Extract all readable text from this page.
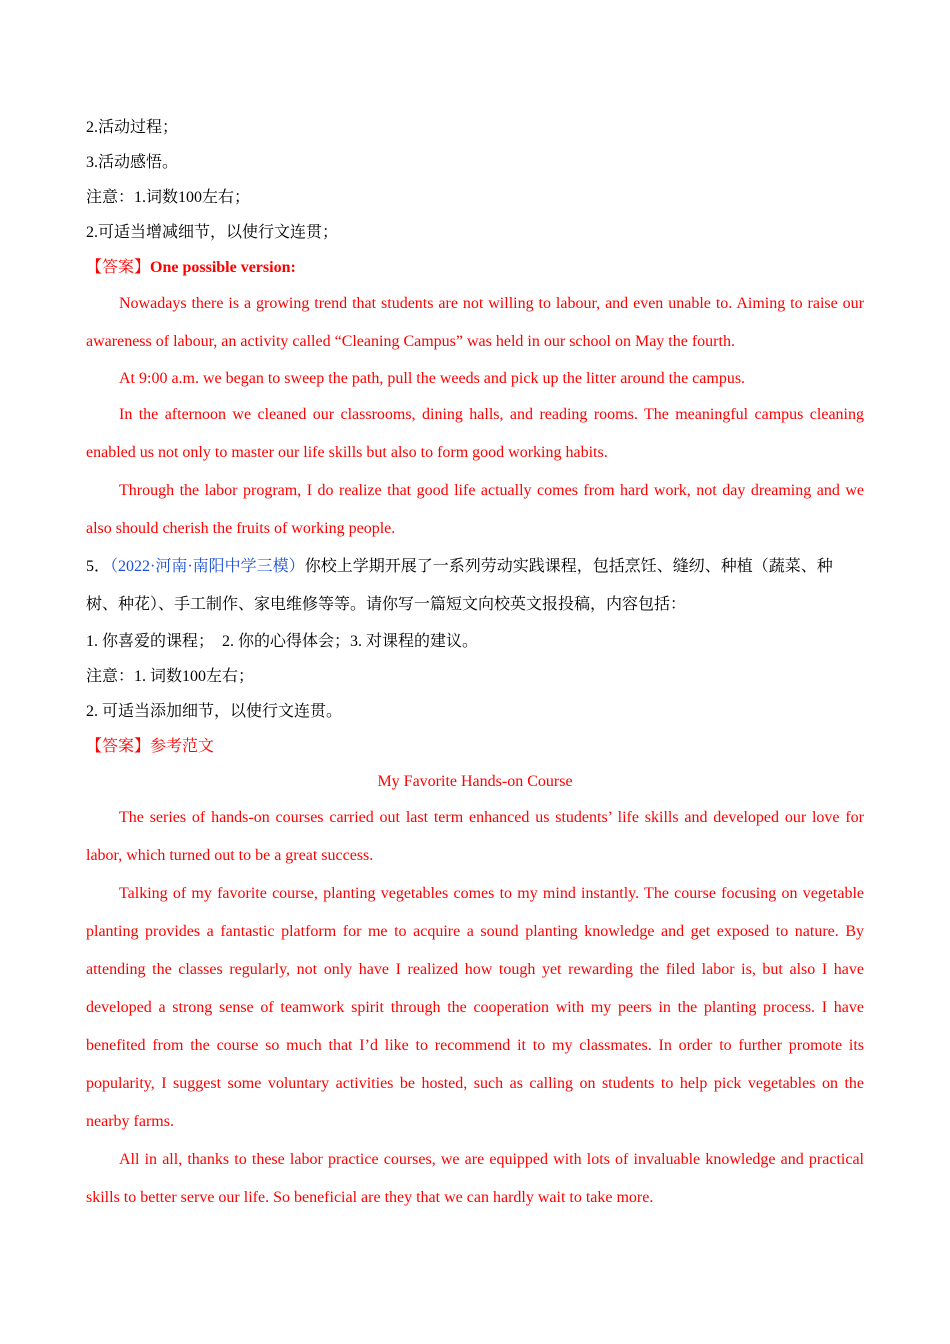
2.活动过程；

3.活动感悟。

注意：1.词数100左右；

2.可适当增减细节，以使行文连贯；

【答案】One possible version:

Nowadays there is a growing trend that students are not willing to labour, and even unable to. Aiming to raise our awareness of labour, an activity called “Cleaning Campus” was held in our school on May the fourth.

At 9:00 a.m. we began to sweep the path, pull the weeds and pick up the litter around the campus.

In the afternoon we cleaned our classrooms, dining halls, and reading rooms. The meaningful campus cleaning enabled us not only to master our life skills but also to form good working habits.

Through the labor program, I do realize that good life actually comes from hard work, not day dreaming and we also should cherish the fruits of working people.

5．（2022·河南·南阳中学三模）你校上学期开展了一系列劳动实践课程，包括烹饪、缝纫、种植（蔬菜、种树、种花）、手工制作、家电维修等等。请你写一篇短文向校英文报投稿，内容包括：

1. 你喜爱的课程；　2. 你的心得体会；3. 对课程的建议。

注意：1. 词数100左右；

2. 可适当添加细节，以使行文连贯。

【答案】参考范文

My Favorite Hands-on Course

The series of hands-on courses carried out last term enhanced us students’ life skills and developed our love for labor, which turned out to be a great success.

Talking of my favorite course, planting vegetables comes to my mind instantly. The course focusing on vegetable planting provides a fantastic platform for me to acquire a sound planting knowledge and get exposed to nature. By attending the classes regularly, not only have I realized how tough yet rewarding the filed labor is, but also I have developed a strong sense of teamwork spirit through the cooperation with my peers in the planting process. I have benefited from the course so much that I’d like to recommend it to my classmates. In order to further promote its popularity, I suggest some voluntary activities be hosted, such as calling on students to help pick vegetables on the nearby farms.

All in all, thanks to these labor practice courses, we are equipped with lots of invaluable knowledge and practical skills to better serve our life. So beneficial are they that we can hardly wait to take more.
